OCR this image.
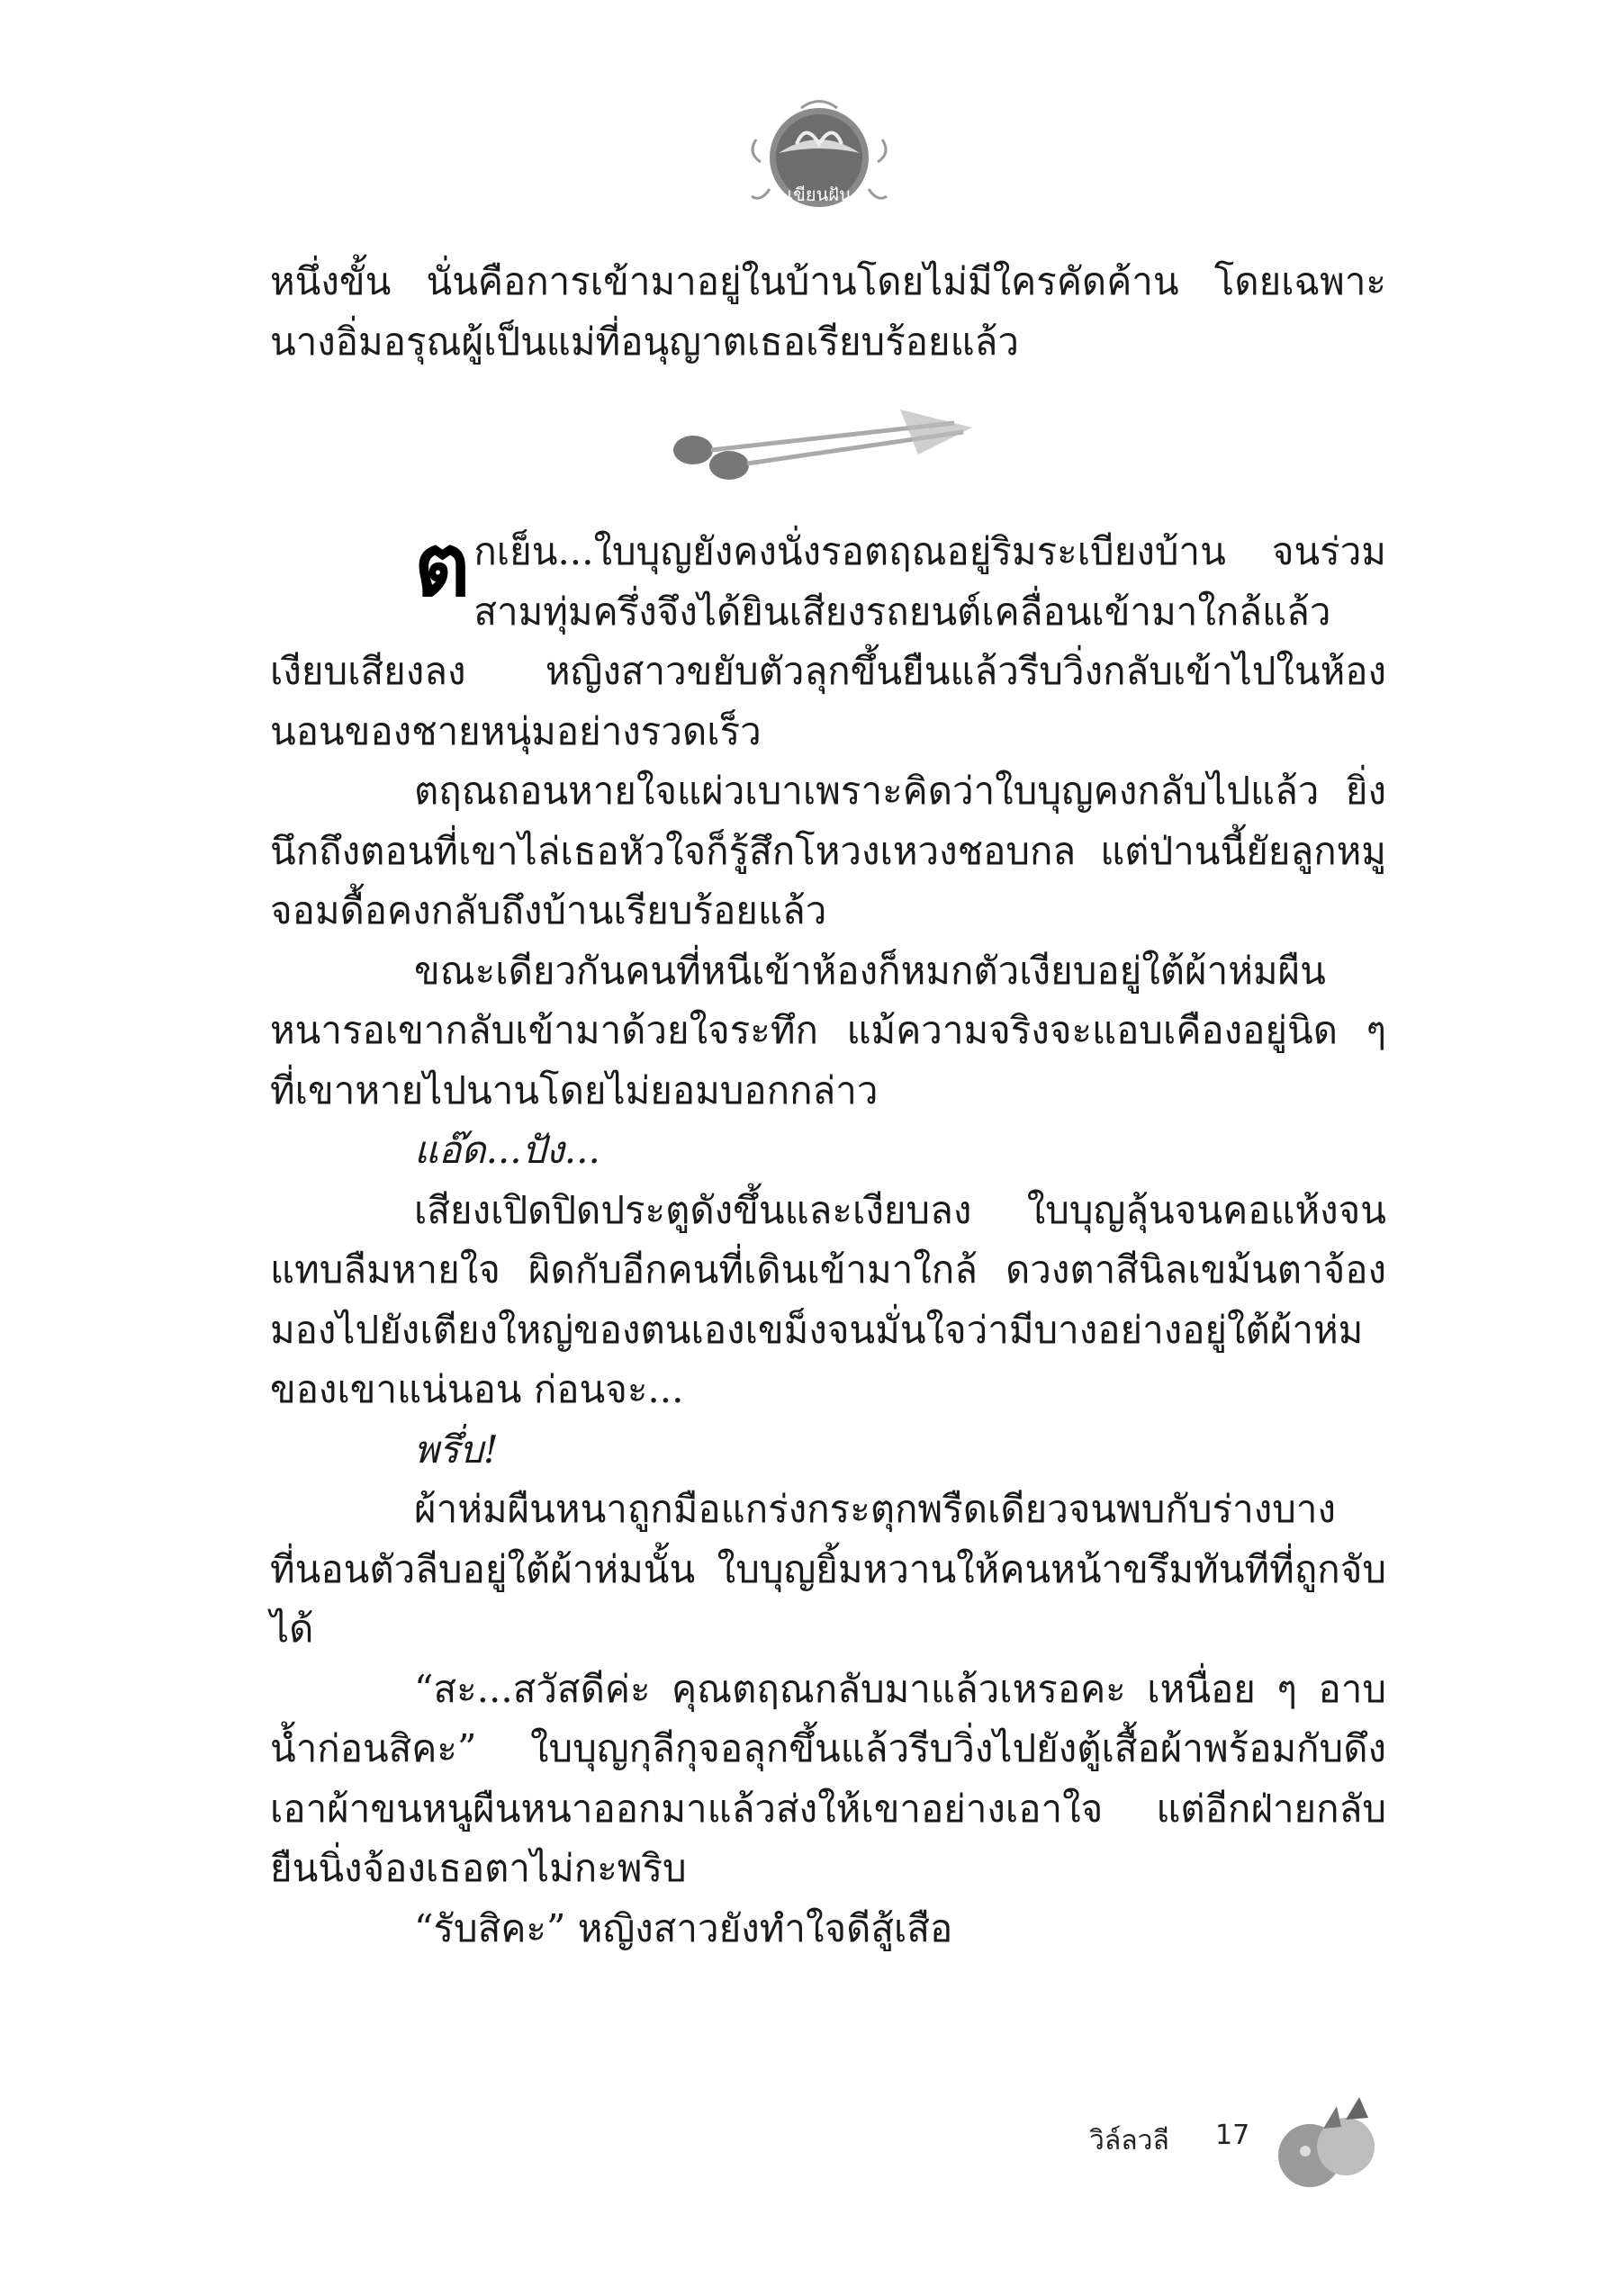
เขียนฝัน

หนึ่งขั้น นั่นคือการเข้ามาอยู่ในบ้านโดยไม่มีใครคัดค้าน โดยเฉพาะนางอิ่มอรุณผู้เป็นแม่ที่อนุญาตเธอเรียบร้อยแล้ว

ตกเย็น...ใบบุญยังคงนั่งรอตฤณอยู่ริมระเบียงบ้าน จนร่วมสามทุ่มครึ่งจึงได้ยินเสียงรถยนต์เคลื่อนเข้ามาใกล้แล้วเงียบเสียงลง หญิงสาวขยับตัวลุกขึ้นยืนแล้วรีบวิ่งกลับเข้าไปในห้องนอนของชายหนุ่มอย่างรวดเร็ว

ตฤณถอนหายใจแผ่วเบาเพราะคิดว่าใบบุญคงกลับไปแล้ว ยิ่งนึกถึงตอนที่เขาไล่เธอหัวใจก็รู้สึกโหวงเหวงชอบกล แต่ป่านนี้ยัยลูกหมูจอมดื้อคงกลับถึงบ้านเรียบร้อยแล้ว

ขณะเดียวกันคนที่หนีเข้าห้องก็หมกตัวเงียบอยู่ใต้ผ้าห่มผืนหนารอเขากลับเข้ามาด้วยใจระทึก แม้ความจริงจะแอบเคืองอยู่นิด ๆ ที่เขาหายไปนานโดยไม่ยอมบอกกล่าว

แอ๊ด...ปัง...

เสียงเปิดปิดประตูดังขึ้นและเงียบลง ใบบุญลุ้นจนคอแห้งจนแทบลืมหายใจ ผิดกับอีกคนที่เดินเข้ามาใกล้ ดวงตาสีนิลเขม้นตาจ้องมองไปยังเตียงใหญ่ของตนเองเขม็งจนมั่นใจว่ามีบางอย่างอยู่ใต้ผ้าห่มของเขาแน่นอน ก่อนจะ...

พรึ่บ!

ผ้าห่มผืนหนาถูกมือแกร่งกระตุกพรืดเดียวจนพบกับร่างบางที่นอนตัวลีบอยู่ใต้ผ้าห่มนั้น ใบบุญยิ้มหวานให้คนหน้าขรึมทันทีที่ถูกจับได้

“สะ...สวัสดีค่ะ คุณตฤณกลับมาแล้วเหรอคะ เหนื่อย ๆ อาบน้ำก่อนสิคะ” ใบบุญกุลีกุจอลุกขึ้นแล้วรีบวิ่งไปยังตู้เสื้อผ้าพร้อมกับดึงเอาผ้าขนหนูผืนหนาออกมาแล้วส่งให้เขาอย่างเอาใจ แต่อีกฝ่ายกลับยืนนิ่งจ้องเธอตาไม่กะพริบ

“รับสิคะ” หญิงสาวยังทำใจดีสู้เสือ

วิล์ลวลี 17
